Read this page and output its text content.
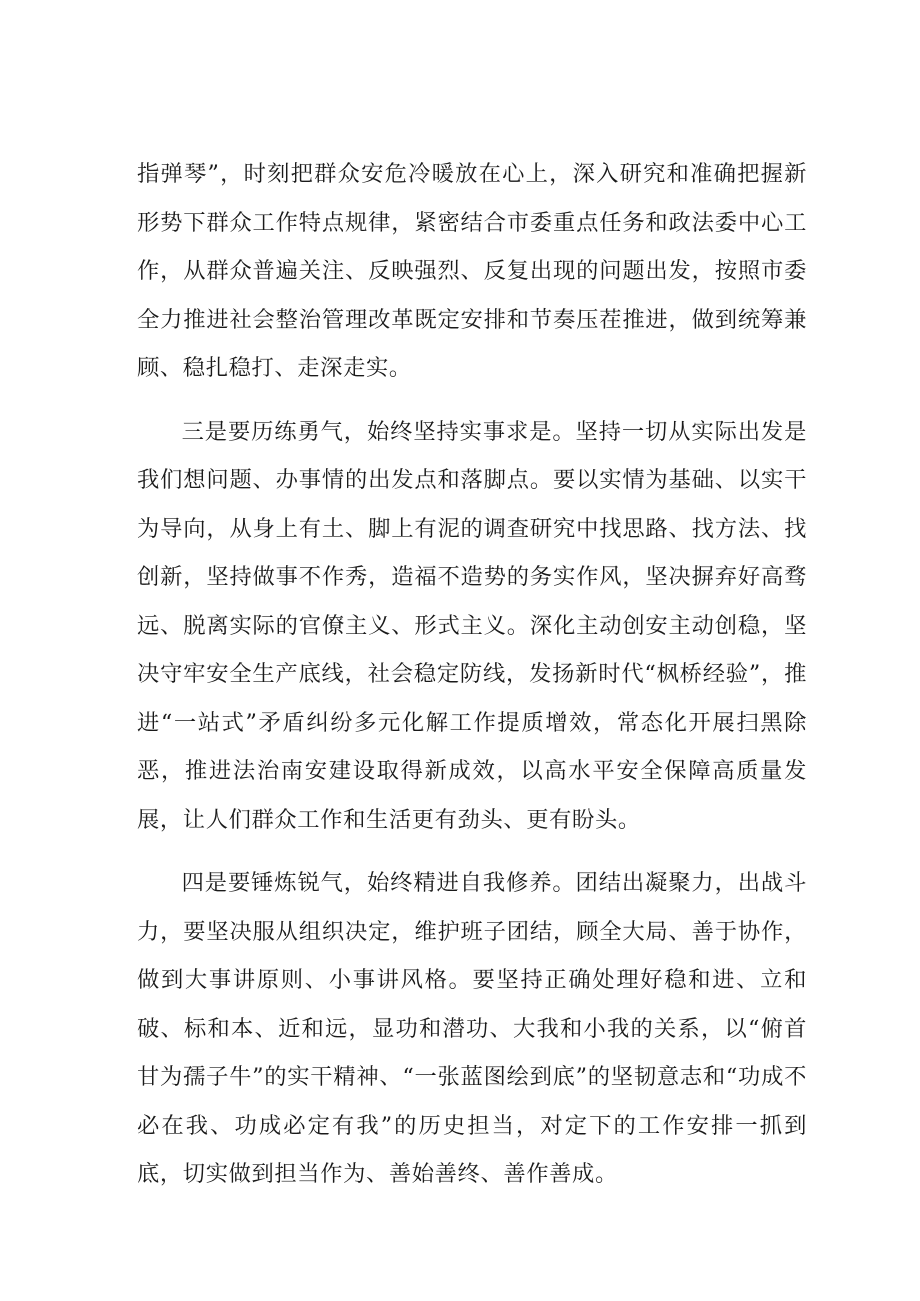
指弹琴”，时刻把群众安危冷暖放在心上，深入研究和准确把握新形势下群众工作特点规律，紧密结合市委重点任务和政法委中心工作，从群众普遍关注、反映强烈、反复出现的问题出发，按照市委全力推进社会整治管理改革既定安排和节奏压茬推进，做到统筹兼顾、稳扎稳打、走深走实。

三是要历练勇气，始终坚持实事求是。坚持一切从实际出发是我们想问题、办事情的出发点和落脚点。要以实情为基础、以实干为导向，从身上有土、脚上有泥的调查研究中找思路、找方法、找创新，坚持做事不作秀，造福不造势的务实作风，坚决摒弃好高骛远、脱离实际的官僚主义、形式主义。深化主动创安主动创稳，坚决守牢安全生产底线，社会稳定防线，发扬新时代“枫桥经验”，推进“一站式”矛盾纠纷多元化解工作提质增效，常态化开展扫黑除恶，推进法治南安建设取得新成效，以高水平安全保障高质量发展，让人们群众工作和生活更有劲头、更有盼头。

四是要锤炼锐气，始终精进自我修养。团结出凝聚力，出战斗力，要坚决服从组织决定，维护班子团结，顾全大局、善于协作，做到大事讲原则、小事讲风格。要坚持正确处理好稳和进、立和破、标和本、近和远，显功和潜功、大我和小我的关系，以“俯首甘为孺子牛”的实干精神、“一张蓝图绘到底”的坚韧意志和“功成不必在我、功成必定有我”的历史担当，对定下的工作安排一抓到底，切实做到担当作为、善始善终、善作善成。
